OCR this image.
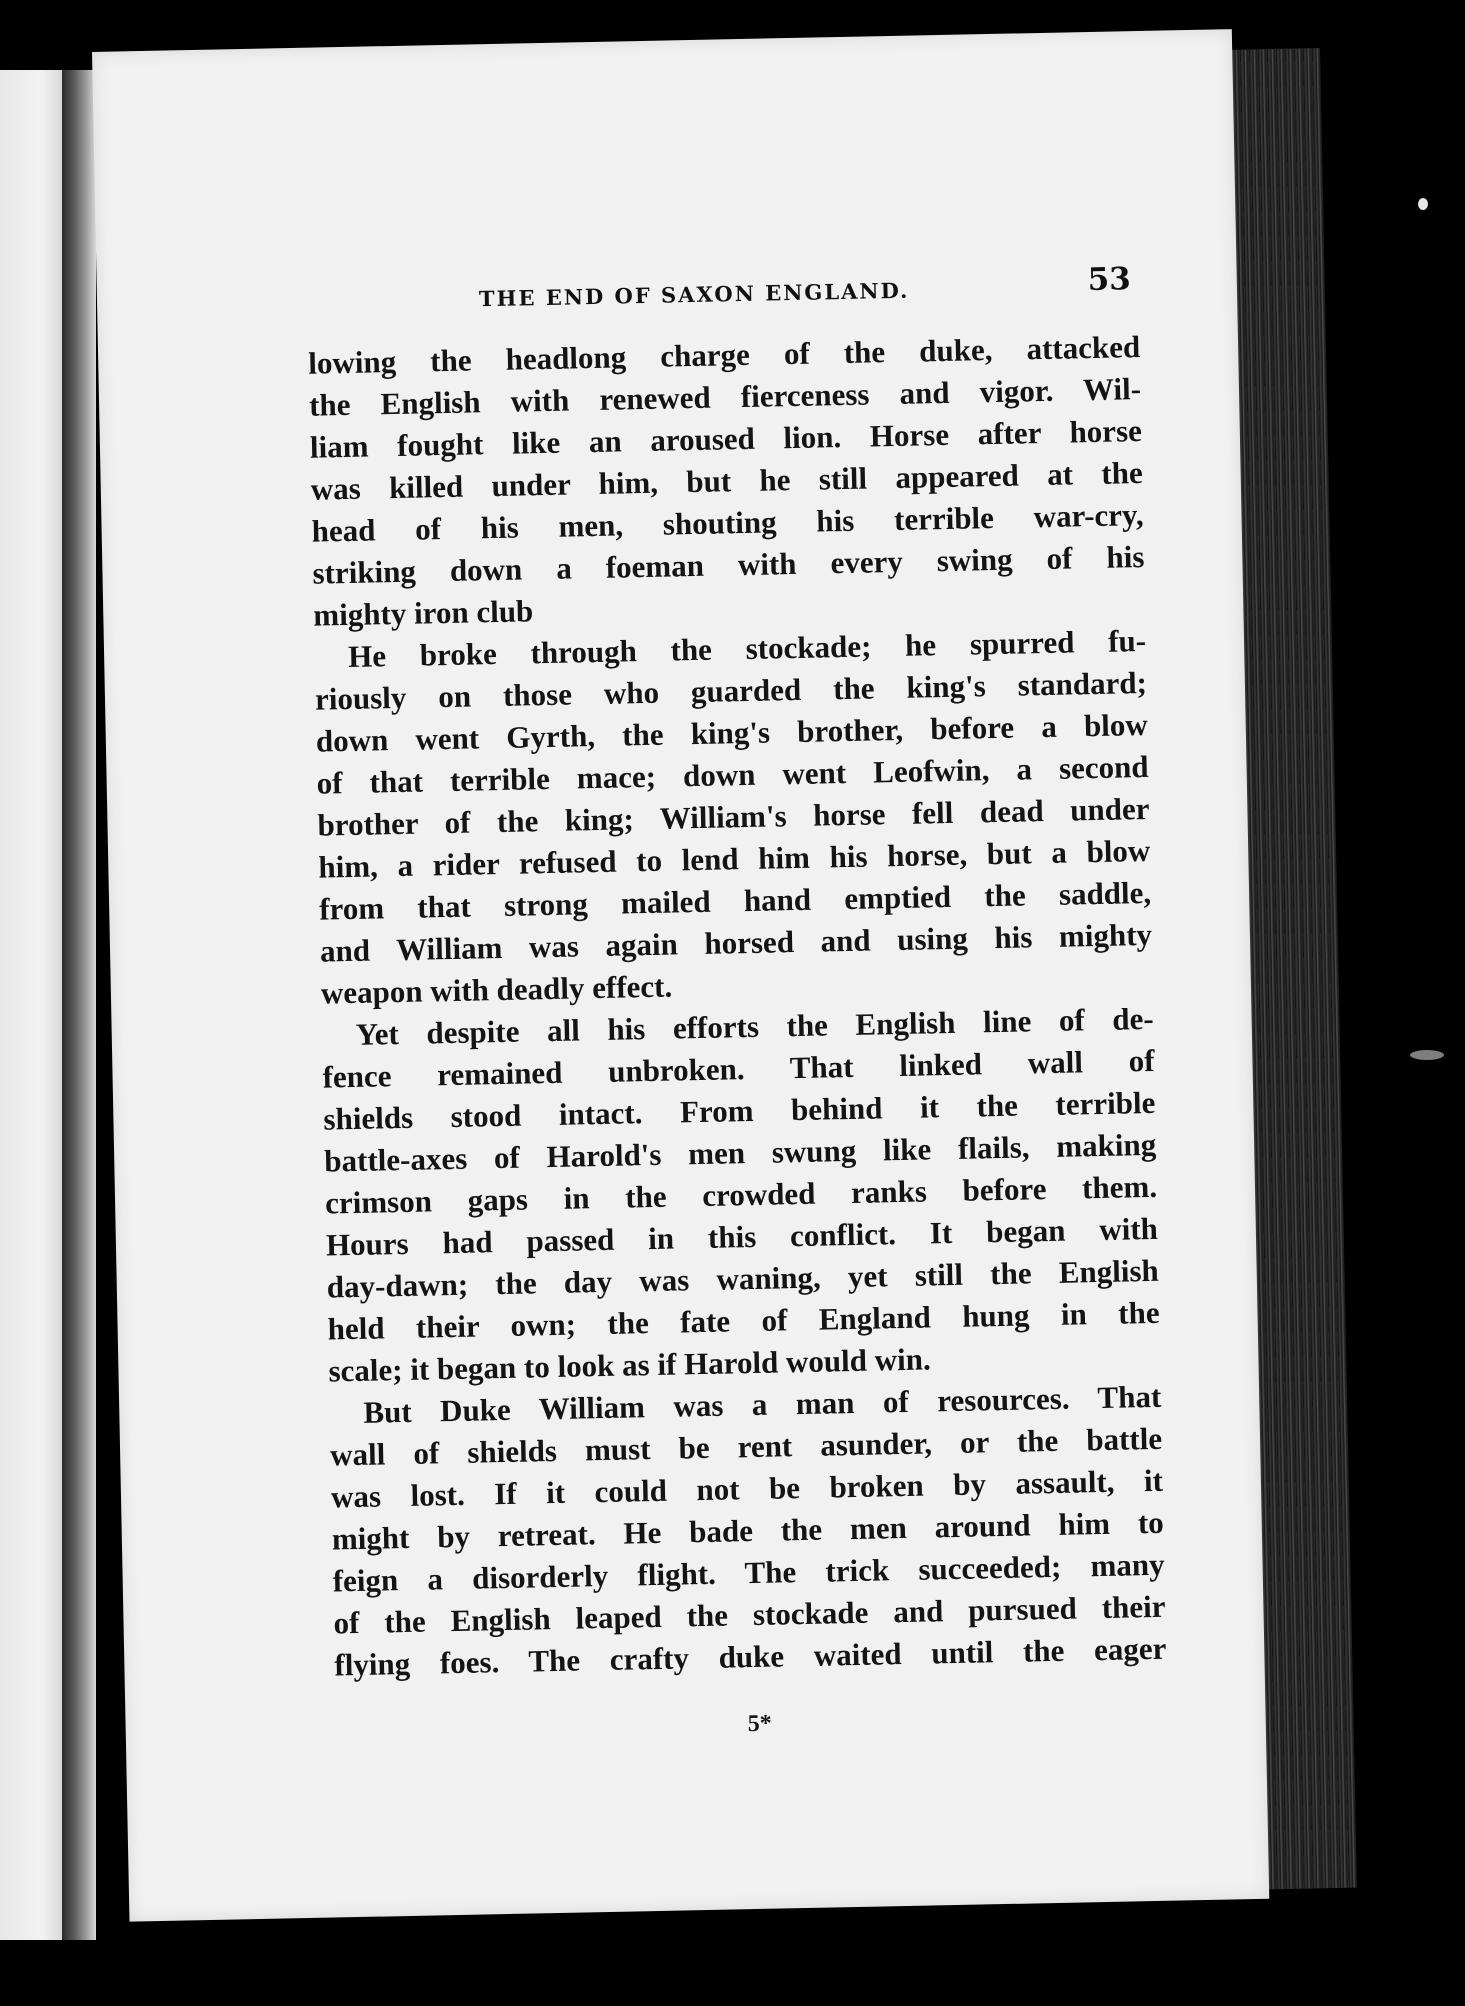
THE END OF SAXON ENGLAND.	53
lowing the headlong charge of the duke, attacked
the English with renewed fierceness and vigor. Wil-
liam fought like an aroused lion. Horse after horse
was killed under him, but he still appeared at the
head of his men, shouting his terrible war-cry,
striking down a foeman with every swing of his
mighty iron club
He broke through the stockade; he spurred fu-
riously on those who guarded the king's standard;
down went Gyrth, the king's brother, before a blow
of that terrible mace; down went Leofwin, a second
brother of the king; William's horse fell dead under
him, a rider refused to lend him his horse, but a blow
from that strong mailed hand emptied the saddle,
and William was again horsed and using his mighty
weapon with deadly effect.
Yet despite all his efforts the English line of de-
fence remained unbroken. That linked wall of
shields stood intact. From behind it the terrible
battle-axes of Harold's men swung like flails, making
crimson gaps in the crowded ranks before them.
Hours had passed in this conflict. It began with
day-dawn; the day was waning, yet still the English
held their own; the fate of England hung in the
scale; it began to look as if Harold would win.
But Duke William was a man of resources. That
wall of shields must be rent asunder, or the battle
was lost. If it could not be broken by assault, it
might by retreat. He bade the men around him to
feign a disorderly flight. The trick succeeded; many
of the English leaped the stockade and pursued their
flying foes. The crafty duke waited until the eager
5*
